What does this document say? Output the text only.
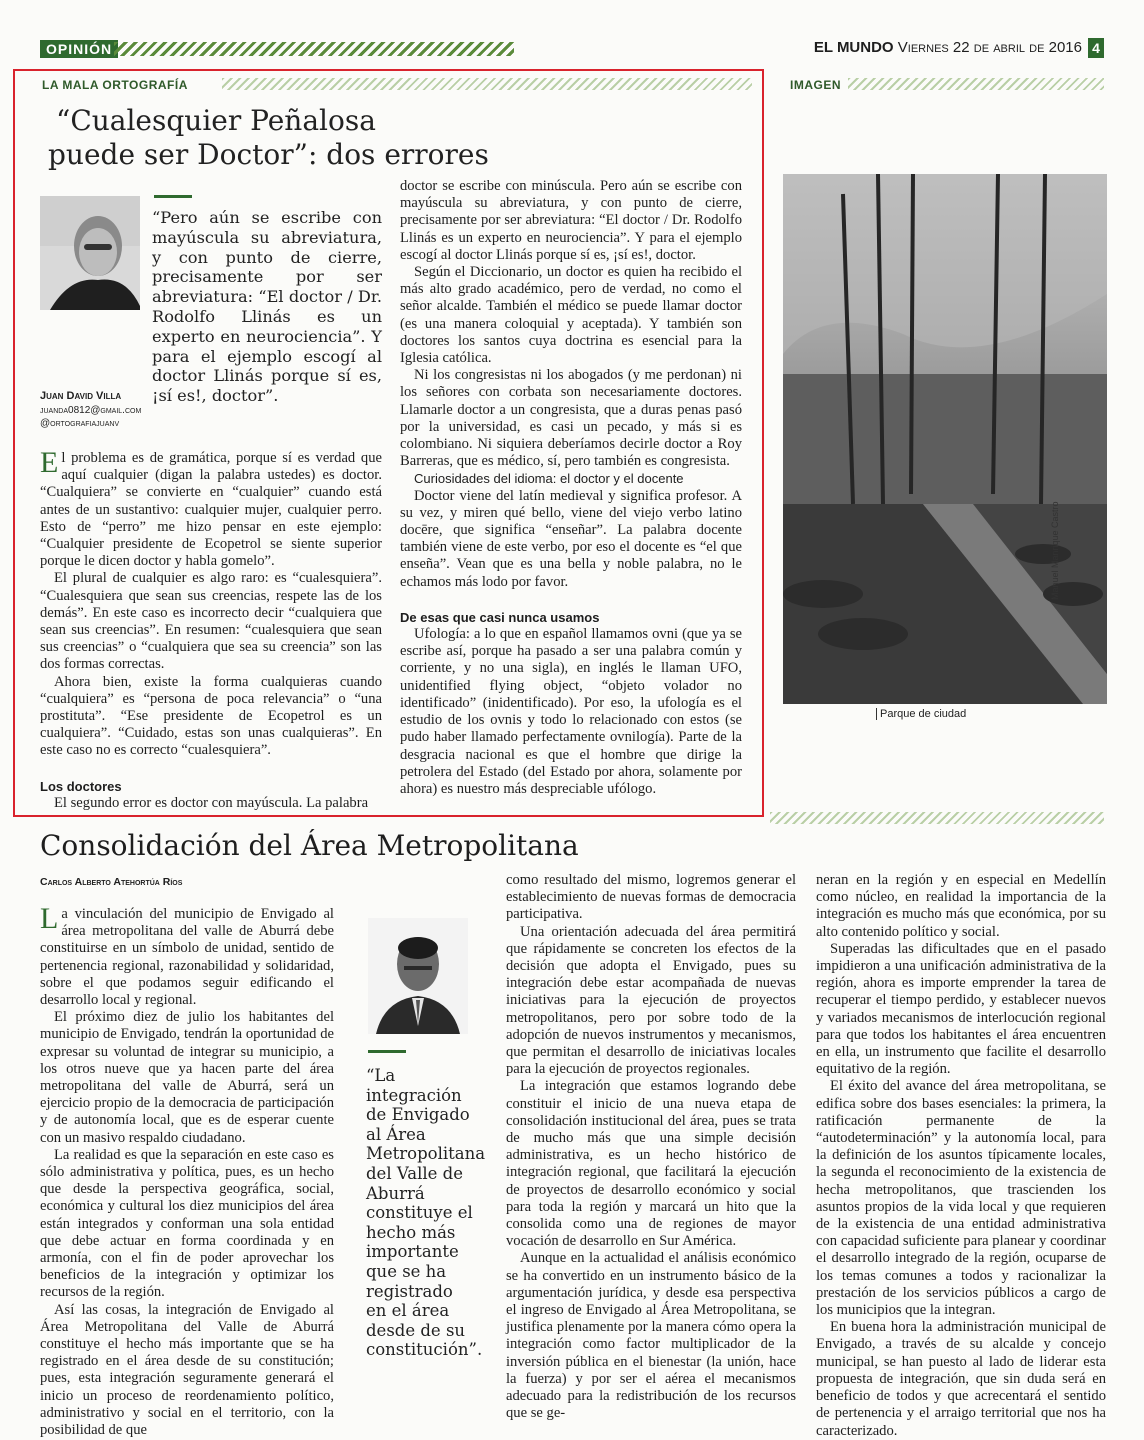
OPINIÓN	EL MUNDO Viernes 22 de abril de 2016 4
LA MALA ORTOGRAFÍA
“Cualesquier Peñalosa
puede ser Doctor”: dos errores
“Pero aún se escribe con mayúscula su abreviatura, y con punto de cierre, precisamente por ser abreviatura: “El doctor / Dr. Rodolfo Llinás es un experto en neurociencia”. Y para el ejemplo escogí al doctor Llinás porque sí es, ¡sí es!, doctor”.
Juan David Villa
juanda0812@gmail.com
@ortografiajuanv

El problema es de gramática, porque sí es verdad que aquí cualquier (digan la palabra ustedes) es doctor. “Cualquiera” se convierte en “cualquier” cuando está antes de un sustantivo: cualquier mujer, cualquier perro. Esto de “perro” me hizo pensar en este ejemplo: “Cualquier presidente de Ecopetrol se siente superior porque le dicen doctor y habla gomelo”.

El plural de cualquier es algo raro: es “cualesquiera”. “Cualesquiera que sean sus creencias, respete las de los demás”. En este caso es incorrecto decir “cualquiera que sean sus creencias”. En resumen: “cualesquiera que sean sus creencias” o “cualquiera que sea su creencia” son las dos formas correctas.

Ahora bien, existe la forma cualquieras cuando “cualquiera” es “persona de poca relevancia” o “una prostituta”. “Ese presidente de Ecopetrol es un cualquiera”. “Cuidado, estas son unas cualquieras”. En este caso no es correcto “cualesquiera”.

Los doctores

El segundo error es doctor con mayúscula. La palabra

doctor se escribe con minúscula. Pero aún se escribe con mayúscula su abreviatura, y con punto de cierre, precisamente por ser abreviatura: “El doctor / Dr. Rodolfo Llinás es un experto en neurociencia”. Y para el ejemplo escogí al doctor Llinás porque sí es, ¡sí es!, doctor.

Según el Diccionario, un doctor es quien ha recibido el más alto grado académico, pero de verdad, no como el señor alcalde. También el médico se puede llamar doctor (es una manera coloquial y aceptada). Y también son doctores los santos cuya doctrina es esencial para la Iglesia católica.

Ni los congresistas ni los abogados (y me perdonan) ni los señores con corbata son necesariamente doctores. Llamarle doctor a un congresista, que a duras penas pasó por la universidad, es casi un pecado, y más si es colombiano. Ni siquiera deberíamos decirle doctor a Roy Barreras, que es médico, sí, pero también es congresista.

Curiosidades del idioma: el doctor y el docente

Doctor viene del latín medieval y significa profesor. A su vez, y miren qué bello, viene del viejo verbo latino docēre, que significa “enseñar”. La palabra docente también viene de este verbo, por eso el docente es “el que enseña”. Vean que es una bella y noble palabra, no le echamos más lodo por favor.

De esas que casi nunca usamos

Ufología: a lo que en español llamamos ovni (que ya se escribe así, porque ha pasado a ser una palabra común y corriente, y no una sigla), en inglés le llaman UFO, unidentified flying object, “objeto volador no identificado” (inidentificado). Por eso, la ufología es el estudio de los ovnis y todo lo relacionado con estos (se pudo haber llamado perfectamente ovnilogía). Parte de la desgracia nacional es que el hombre que dirige la petrolera del Estado (del Estado por ahora, solamente por ahora) es nuestro más despreciable ufólogo.

IMAGEN
Manuel Manrique Castro
Parque de ciudad
Consolidación del Área Metropolitana
Carlos Alberto Atehortúa Ríos

La vinculación del municipio de Envigado al área metropolitana del valle de Aburrá debe constituirse en un símbolo de unidad, sentido de pertenencia regional, razonabilidad y solidaridad, sobre el que podamos seguir edificando el desarrollo local y regional.

El próximo diez de julio los habitantes del municipio de Envigado, tendrán la oportunidad de expresar su voluntad de integrar su municipio, a los otros nueve que ya hacen parte del área metropolitana del valle de Aburrá, será un ejercicio propio de la democracia de participación y de autonomía local, que es de esperar cuente con un masivo respaldo ciudadano.

La realidad es que la separación en este caso es sólo administrativa y política, pues, es un hecho que desde la perspectiva geográfica, social, económica y cultural los diez municipios del área están integrados y conforman una sola entidad que debe actuar en forma coordinada y en armonía, con el fin de poder aprovechar los beneficios de la integración y optimizar los recursos de la región.

Así las cosas, la integración de Envigado al Área Metropolitana del Valle de Aburrá constituye el hecho más importante que se ha registrado en el área desde de su constitución; pues, esta integración seguramente generará el inicio un proceso de reordenamiento político, administrativo y social en el territorio, con la posibilidad de que

“La integración de Envigado al Área Metropolitana del Valle de Aburrá constituye el hecho más importante que se ha registrado en el área desde de su constitución”.

como resultado del mismo, logremos generar el establecimiento de nuevas formas de democracia participativa.

Una orientación adecuada del área permitirá que rápidamente se concreten los efectos de la decisión que adopta el Envigado, pues su integración debe estar acompañada de nuevas iniciativas para la ejecución de proyectos metropolitanos, pero por sobre todo de la adopción de nuevos instrumentos y mecanismos, que permitan el desarrollo de iniciativas locales para la ejecución de proyectos regionales.

La integración que estamos logrando debe constituir el inicio de una nueva etapa de consolidación institucional del área, pues se trata de mucho más que una simple decisión administrativa, es un hecho histórico de integración regional, que facilitará la ejecución de proyectos de desarrollo económico y social para toda la región y marcará un hito que la consolida como una de regiones de mayor vocación de desarrollo en Sur América.

Aunque en la actualidad el análisis económico se ha convertido en un instrumento básico de la argumentación jurídica, y desde esa perspectiva el ingreso de Envigado al Área Metropolitana, se justifica plenamente por la manera cómo opera la integración como factor multiplicador de la inversión pública en el bienestar (la unión, hace la fuerza) y por ser el aérea el mecanismos adecuado para la redistribución de los recursos que se ge-

neran en la región y en especial en Medellín como núcleo, en realidad la importancia de la integración es mucho más que económica, por su alto contenido político y social.

Superadas las dificultades que en el pasado impidieron a una unificación administrativa de la región, ahora es importe emprender la tarea de recuperar el tiempo perdido, y establecer nuevos y variados mecanismos de interlocución regional para que todos los habitantes el área encuentren en ella, un instrumento que facilite el desarrollo equitativo de la región.

El éxito del avance del área metropolitana, se edifica sobre dos bases esenciales: la primera, la ratificación permanente de la “autodeterminación” y la autonomía local, para la definición de los asuntos típicamente locales, la segunda el reconocimiento de la existencia de hecha metropolitanos, que trascienden los asuntos propios de la vida local y que requieren de la existencia de una entidad administrativa con capacidad suficiente para planear y coordinar el desarrollo integrado de la región, ocuparse de los temas comunes a todos y racionalizar la prestación de los servicios públicos a cargo de los municipios que la integran.

En buena hora la administración municipal de Envigado, a través de su alcalde y concejo municipal, se han puesto al lado de liderar esta propuesta de integración, que sin duda será en beneficio de todos y que acrecentará el sentido de pertenencia y el arraigo territorial que nos ha caracterizado.
